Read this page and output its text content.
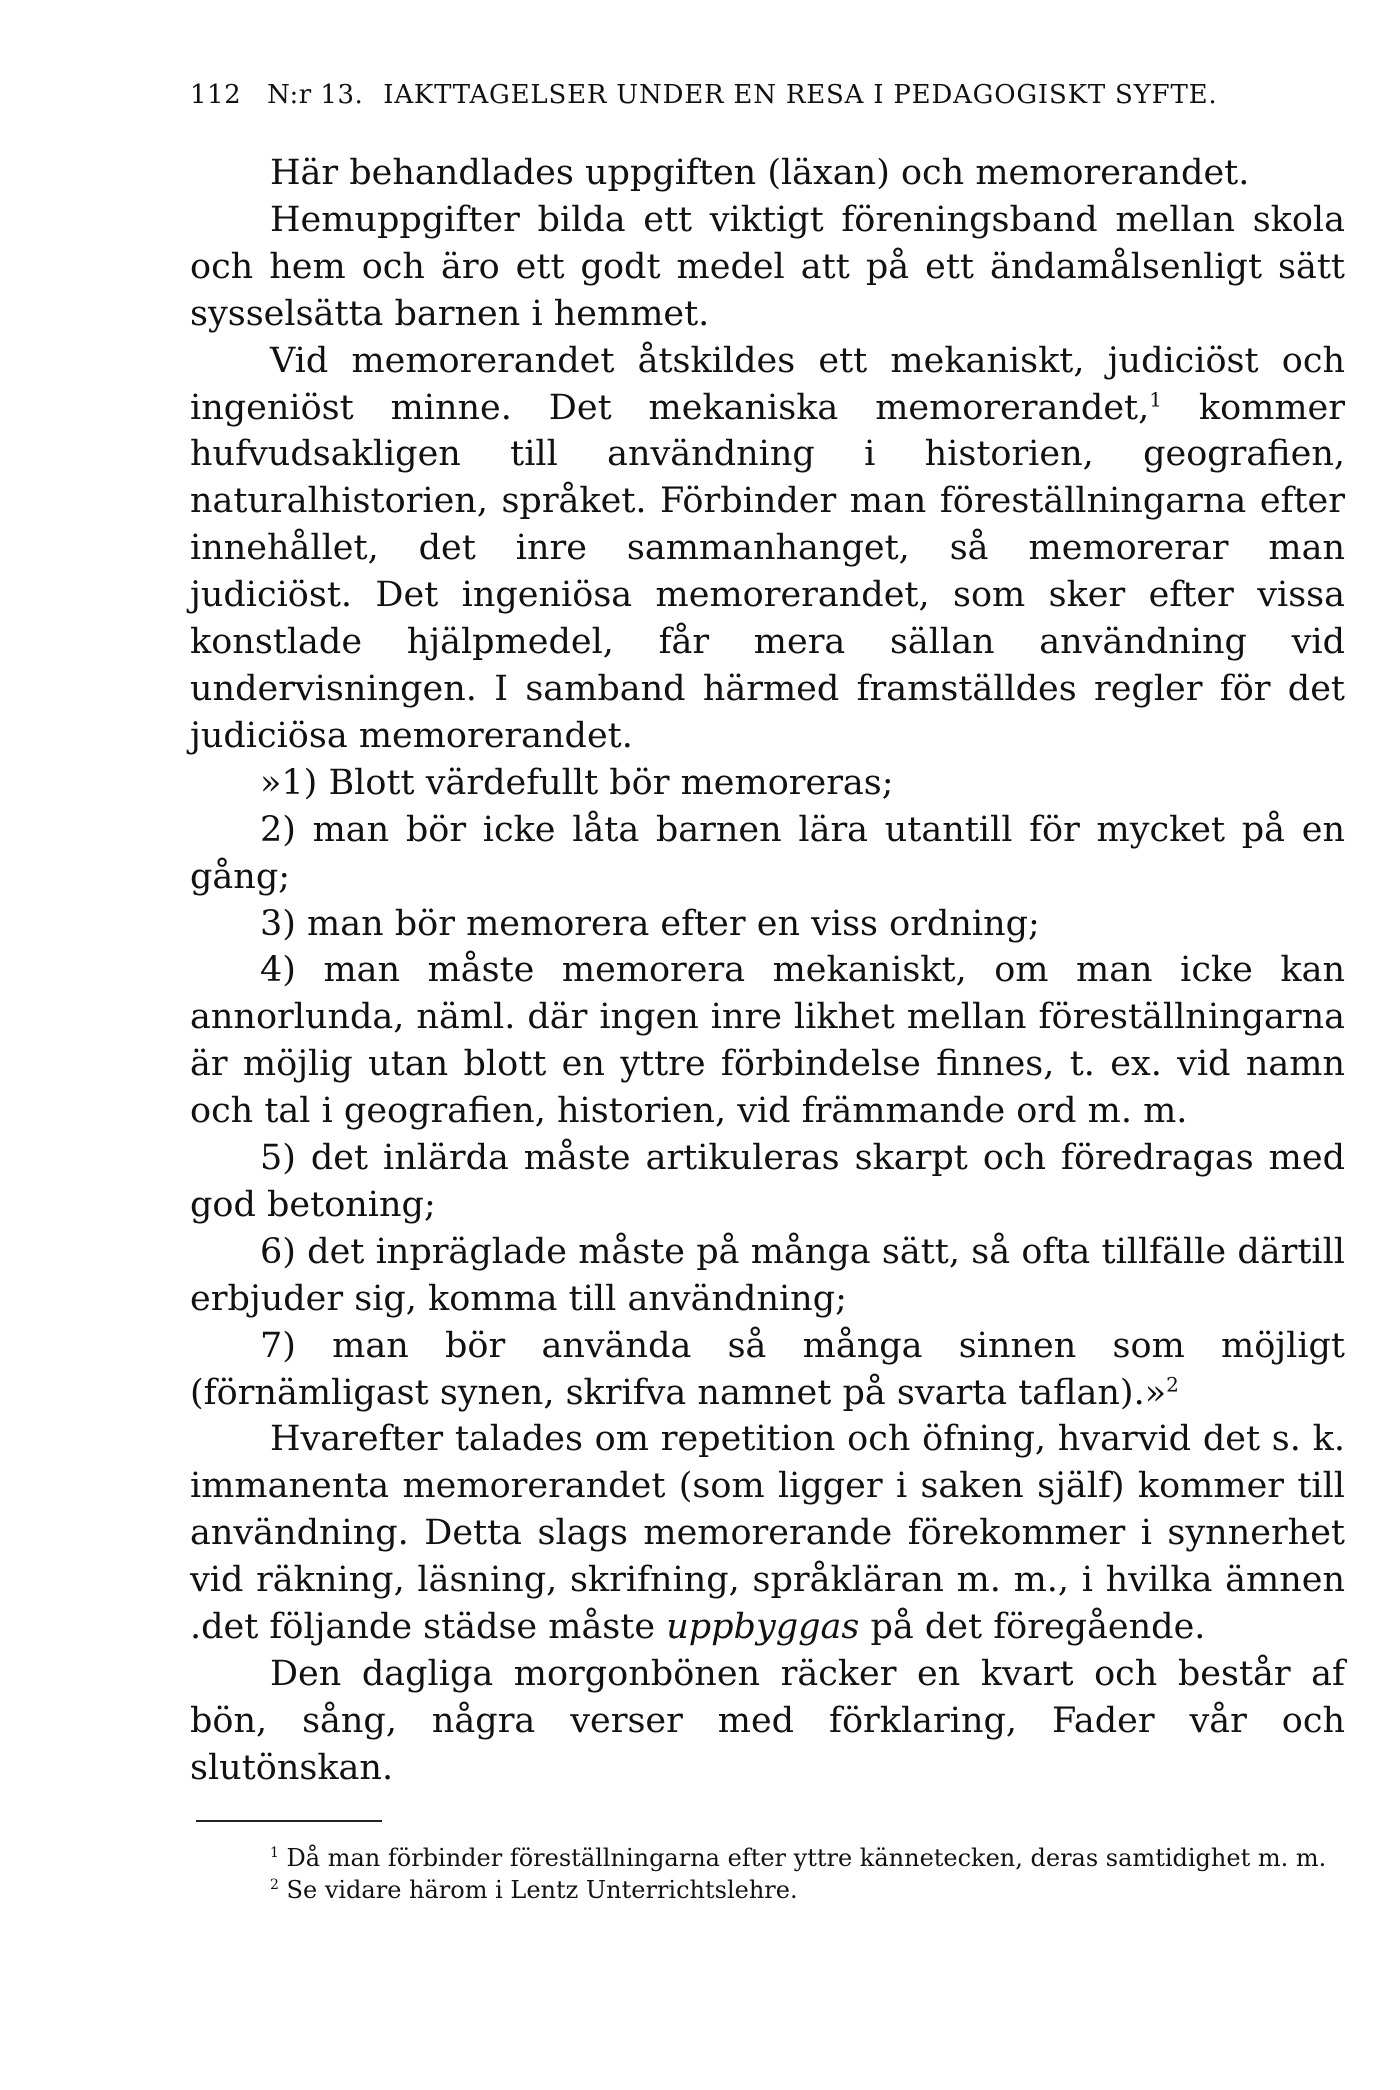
112 N:r 13. IAKTTAGELSER UNDER EN RESA I PEDAGOGISKT SYFTE.

Här behandlades uppgiften (läxan) och memorerandet.

Hemuppgifter bilda ett viktigt föreningsband mellan skola och hem och äro ett godt medel att på ett ändamålsenligt sätt sysselsätta barnen i hemmet.

Vid memorerandet åtskildes ett mekaniskt, judiciöst och ingeniöst minne. Det mekaniska memorerandet,$^1$ kommer hufvudsakligen till användning i historien, geografien, naturalhistorien, språket. Förbinder man föreställningarna efter innehållet, det inre sammanhanget, så memorerar man judiciöst. Det ingeniösa memorerandet, som sker efter vissa konstlade hjälpmedel, får mera sällan användning vid undervisningen. I samband härmed framställdes regler för det judiciösa memorerandet.

»1) Blott värdefullt bör memoreras;

2) man bör icke låta barnen lära utantill för mycket på en gång;

3) man bör memorera efter en viss ordning;

4) man måste memorera mekaniskt, om man icke kan annorlunda, näml. där ingen inre likhet mellan föreställningarna är möjlig utan blott en yttre förbindelse finnes, t. ex. vid namn och tal i geografien, historien, vid främmande ord m. m.

5) det inlärda måste artikuleras skarpt och föredragas med god betoning;

6) det inpräglade måste på många sätt, så ofta tillfälle därtill erbjuder sig, komma till användning;

7) man bör använda så många sinnen som möjligt (förnämligast synen, skrifva namnet på svarta taflan).»$^2$

Hvarefter talades om repetition och öfning, hvarvid det s. k. immanenta memorerandet (som ligger i saken själf) kommer till användning. Detta slags memorerande förekommer i synnerhet vid räkning, läsning, skrifning, språkläran m. m., i hvilka ämnen .det följande städse måste uppbyggas på det föregående.

Den dagliga morgonbönen räcker en kvart och består af bön, sång, några verser med förklaring, Fader vår och slutönskan.

$^1$ Då man förbinder föreställningarna efter yttre kännetecken, deras samtidighet m. m.

$^2$ Se vidare härom i Lentz Unterrichtslehre.
